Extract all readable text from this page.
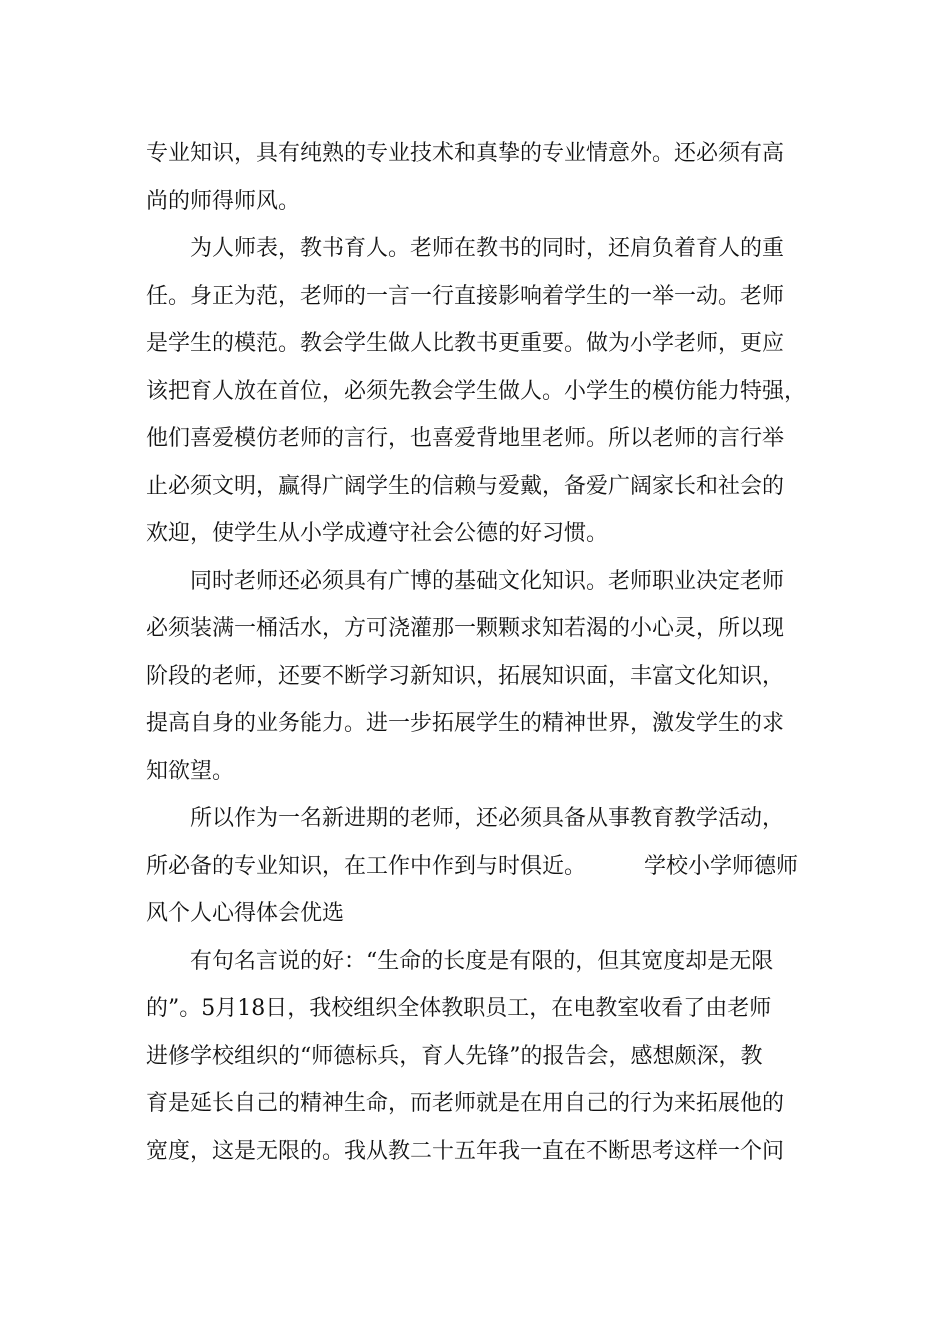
专业知识，具有纯熟的专业技术和真挚的专业情意外。还必须有高
尚的师得师风。
为人师表，教书育人。老师在教书的同时，还肩负着育人的重
任。身正为范，老师的一言一行直接影响着学生的一举一动。老师
是学生的模范。教会学生做人比教书更重要。做为小学老师，更应
该把育人放在首位，必须先教会学生做人。小学生的模仿能力特强，
他们喜爱模仿老师的言行，也喜爱背地里老师。所以老师的言行举
止必须文明，赢得广阔学生的信赖与爱戴，备爱广阔家长和社会的
欢迎，使学生从小学成遵守社会公德的好习惯。
同时老师还必须具有广博的基础文化知识。老师职业决定老师
必须装满一桶活水，方可浇灌那一颗颗求知若渴的小心灵，所以现
阶段的老师，还要不断学习新知识，拓展知识面，丰富文化知识，
提高自身的业务能力。进一步拓展学生的精神世界，激发学生的求
知欲望。
所以作为一名新进期的老师，还必须具备从事教育教学活动，
所必备的专业知识，在工作中作到与时俱近。	学校小学师德师
风个人心得体会优选
有句名言说的好：“生命的长度是有限的，但其宽度却是无限
的”。5月18日，我校组织全体教职员工，在电教室收看了由老师
进修学校组织的“师德标兵，育人先锋”的报告会，感想颇深，教
育是延长自己的精神生命，而老师就是在用自己的行为来拓展他的
宽度，这是无限的。我从教二十五年我一直在不断思考这样一个问
